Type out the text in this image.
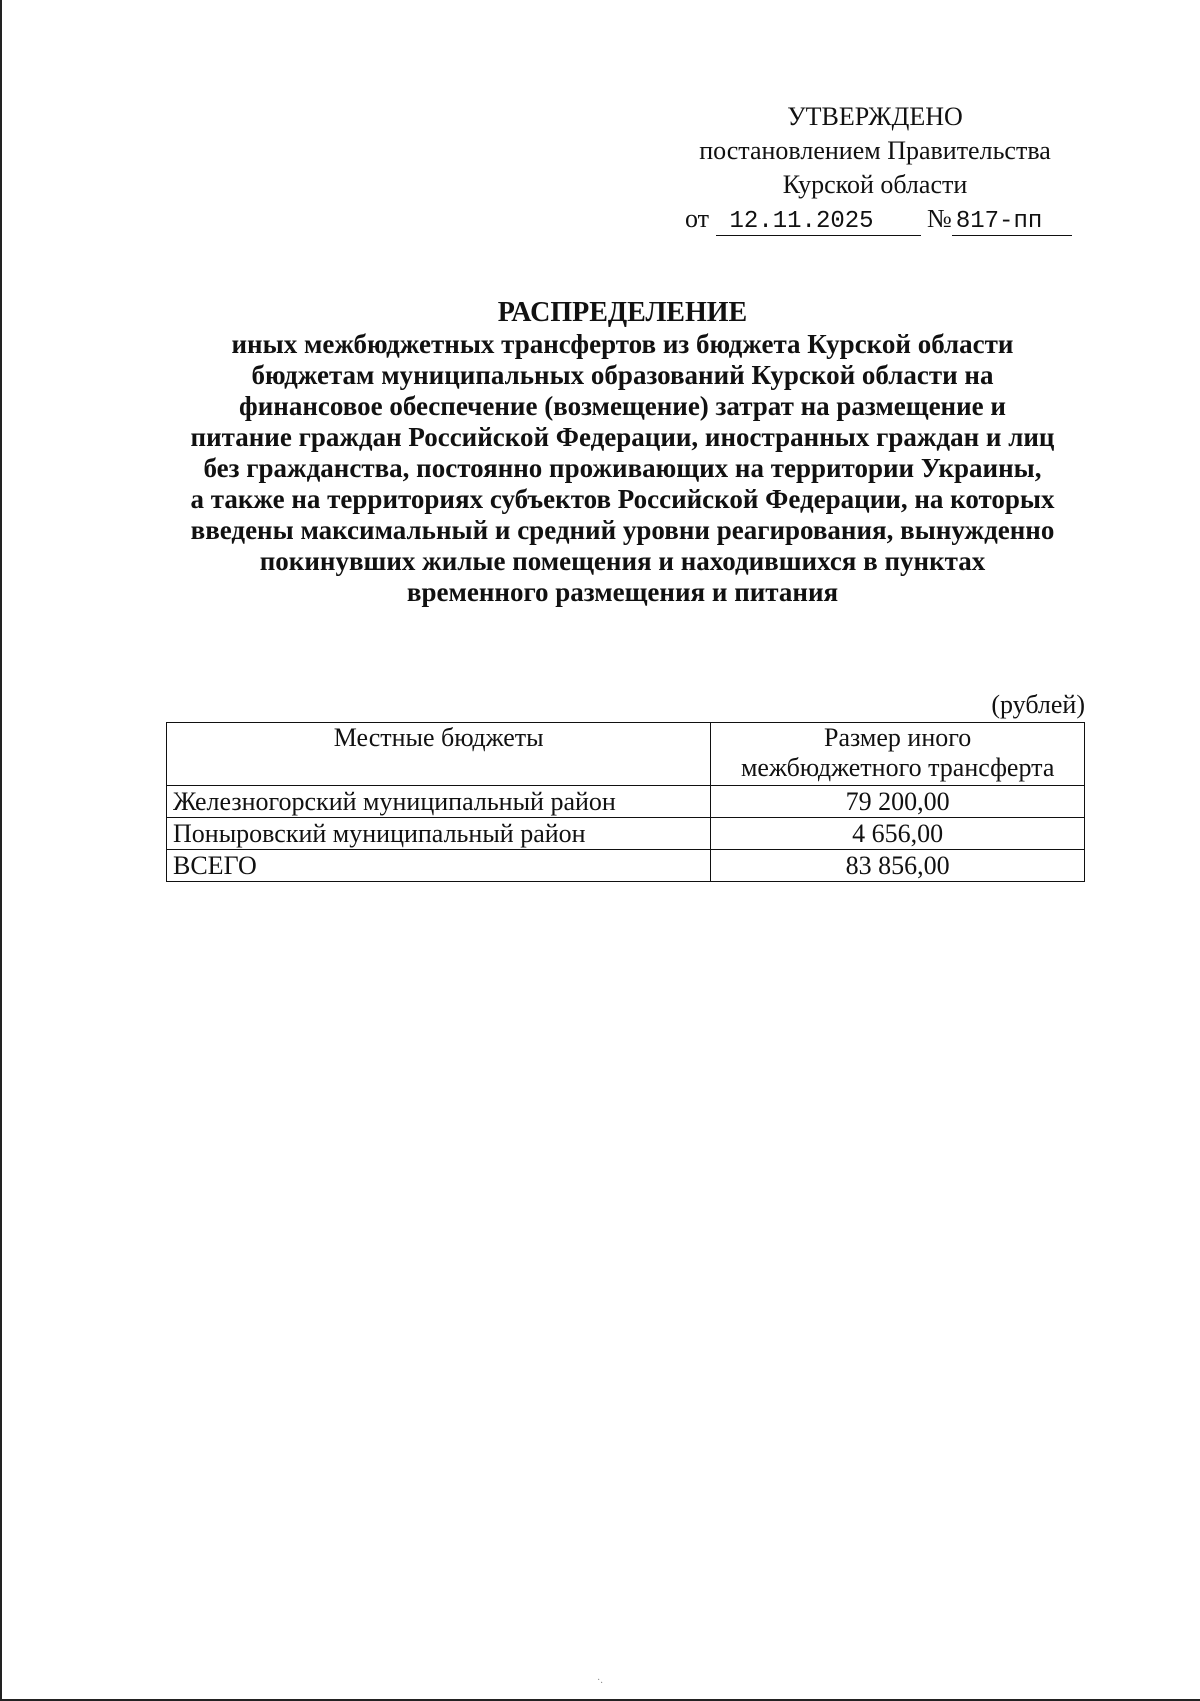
УТВЕРЖДЕНО
постановлением Правительства
Курской области
от 12.11.2025 № 817-пп
РАСПРЕДЕЛЕНИЕ
иных межбюджетных трансфертов из бюджета Курской области
бюджетам муниципальных образований Курской области на
финансовое обеспечение (возмещение) затрат на размещение и
питание граждан Российской Федерации, иностранных граждан и лиц
без гражданства, постоянно проживающих на территории Украины,
а также на территориях субъектов Российской Федерации, на которых
введены максимальный и средний уровни реагирования, вынужденно
покинувших жилые помещения и находившихся в пунктах
временного размещения и питания
(рублей)
Местные бюджеты	Размер иного
межбюджетного трансферта

Железногорский муниципальный район	79 200,00
Поныровский муниципальный район	4 656,00
ВСЕГО	83 856,00
·.
